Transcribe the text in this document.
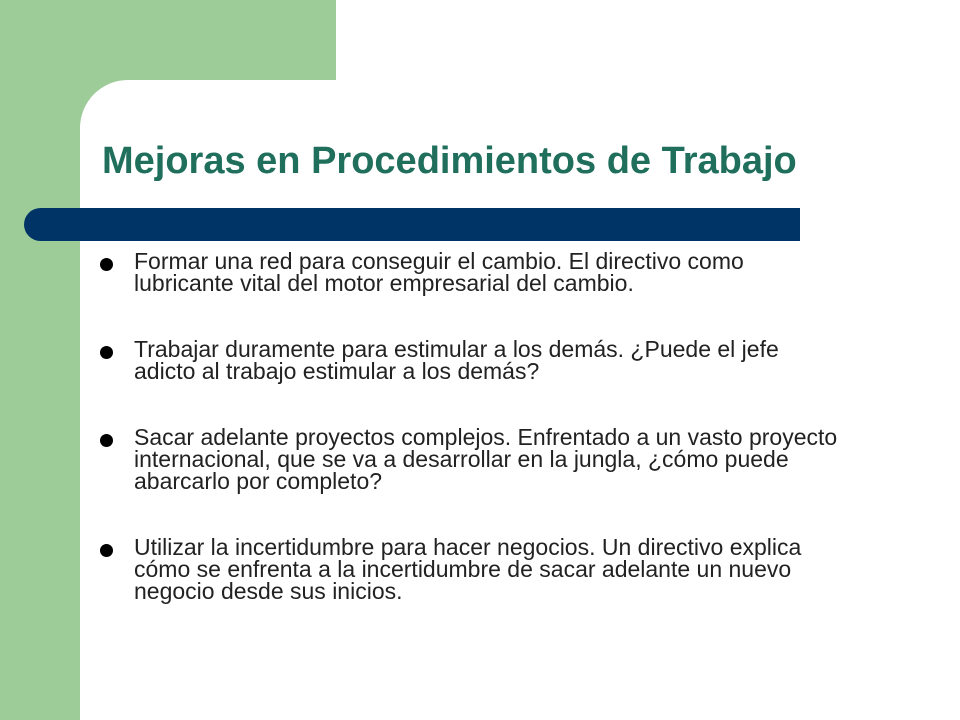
Mejoras en Procedimientos de Trabajo
Formar una red para conseguir el cambio. El directivo como lubricante vital del motor empresarial del cambio.
Trabajar duramente para estimular a los demás. ¿Puede el jefe adicto al trabajo estimular a los demás?
Sacar adelante proyectos complejos. Enfrentado a un vasto proyecto internacional, que se va a desarrollar en la jungla, ¿cómo puede abarcarlo por completo?
Utilizar la incertidumbre para hacer negocios. Un directivo explica cómo se enfrenta a la incertidumbre de sacar adelante un nuevo negocio desde sus inicios.
